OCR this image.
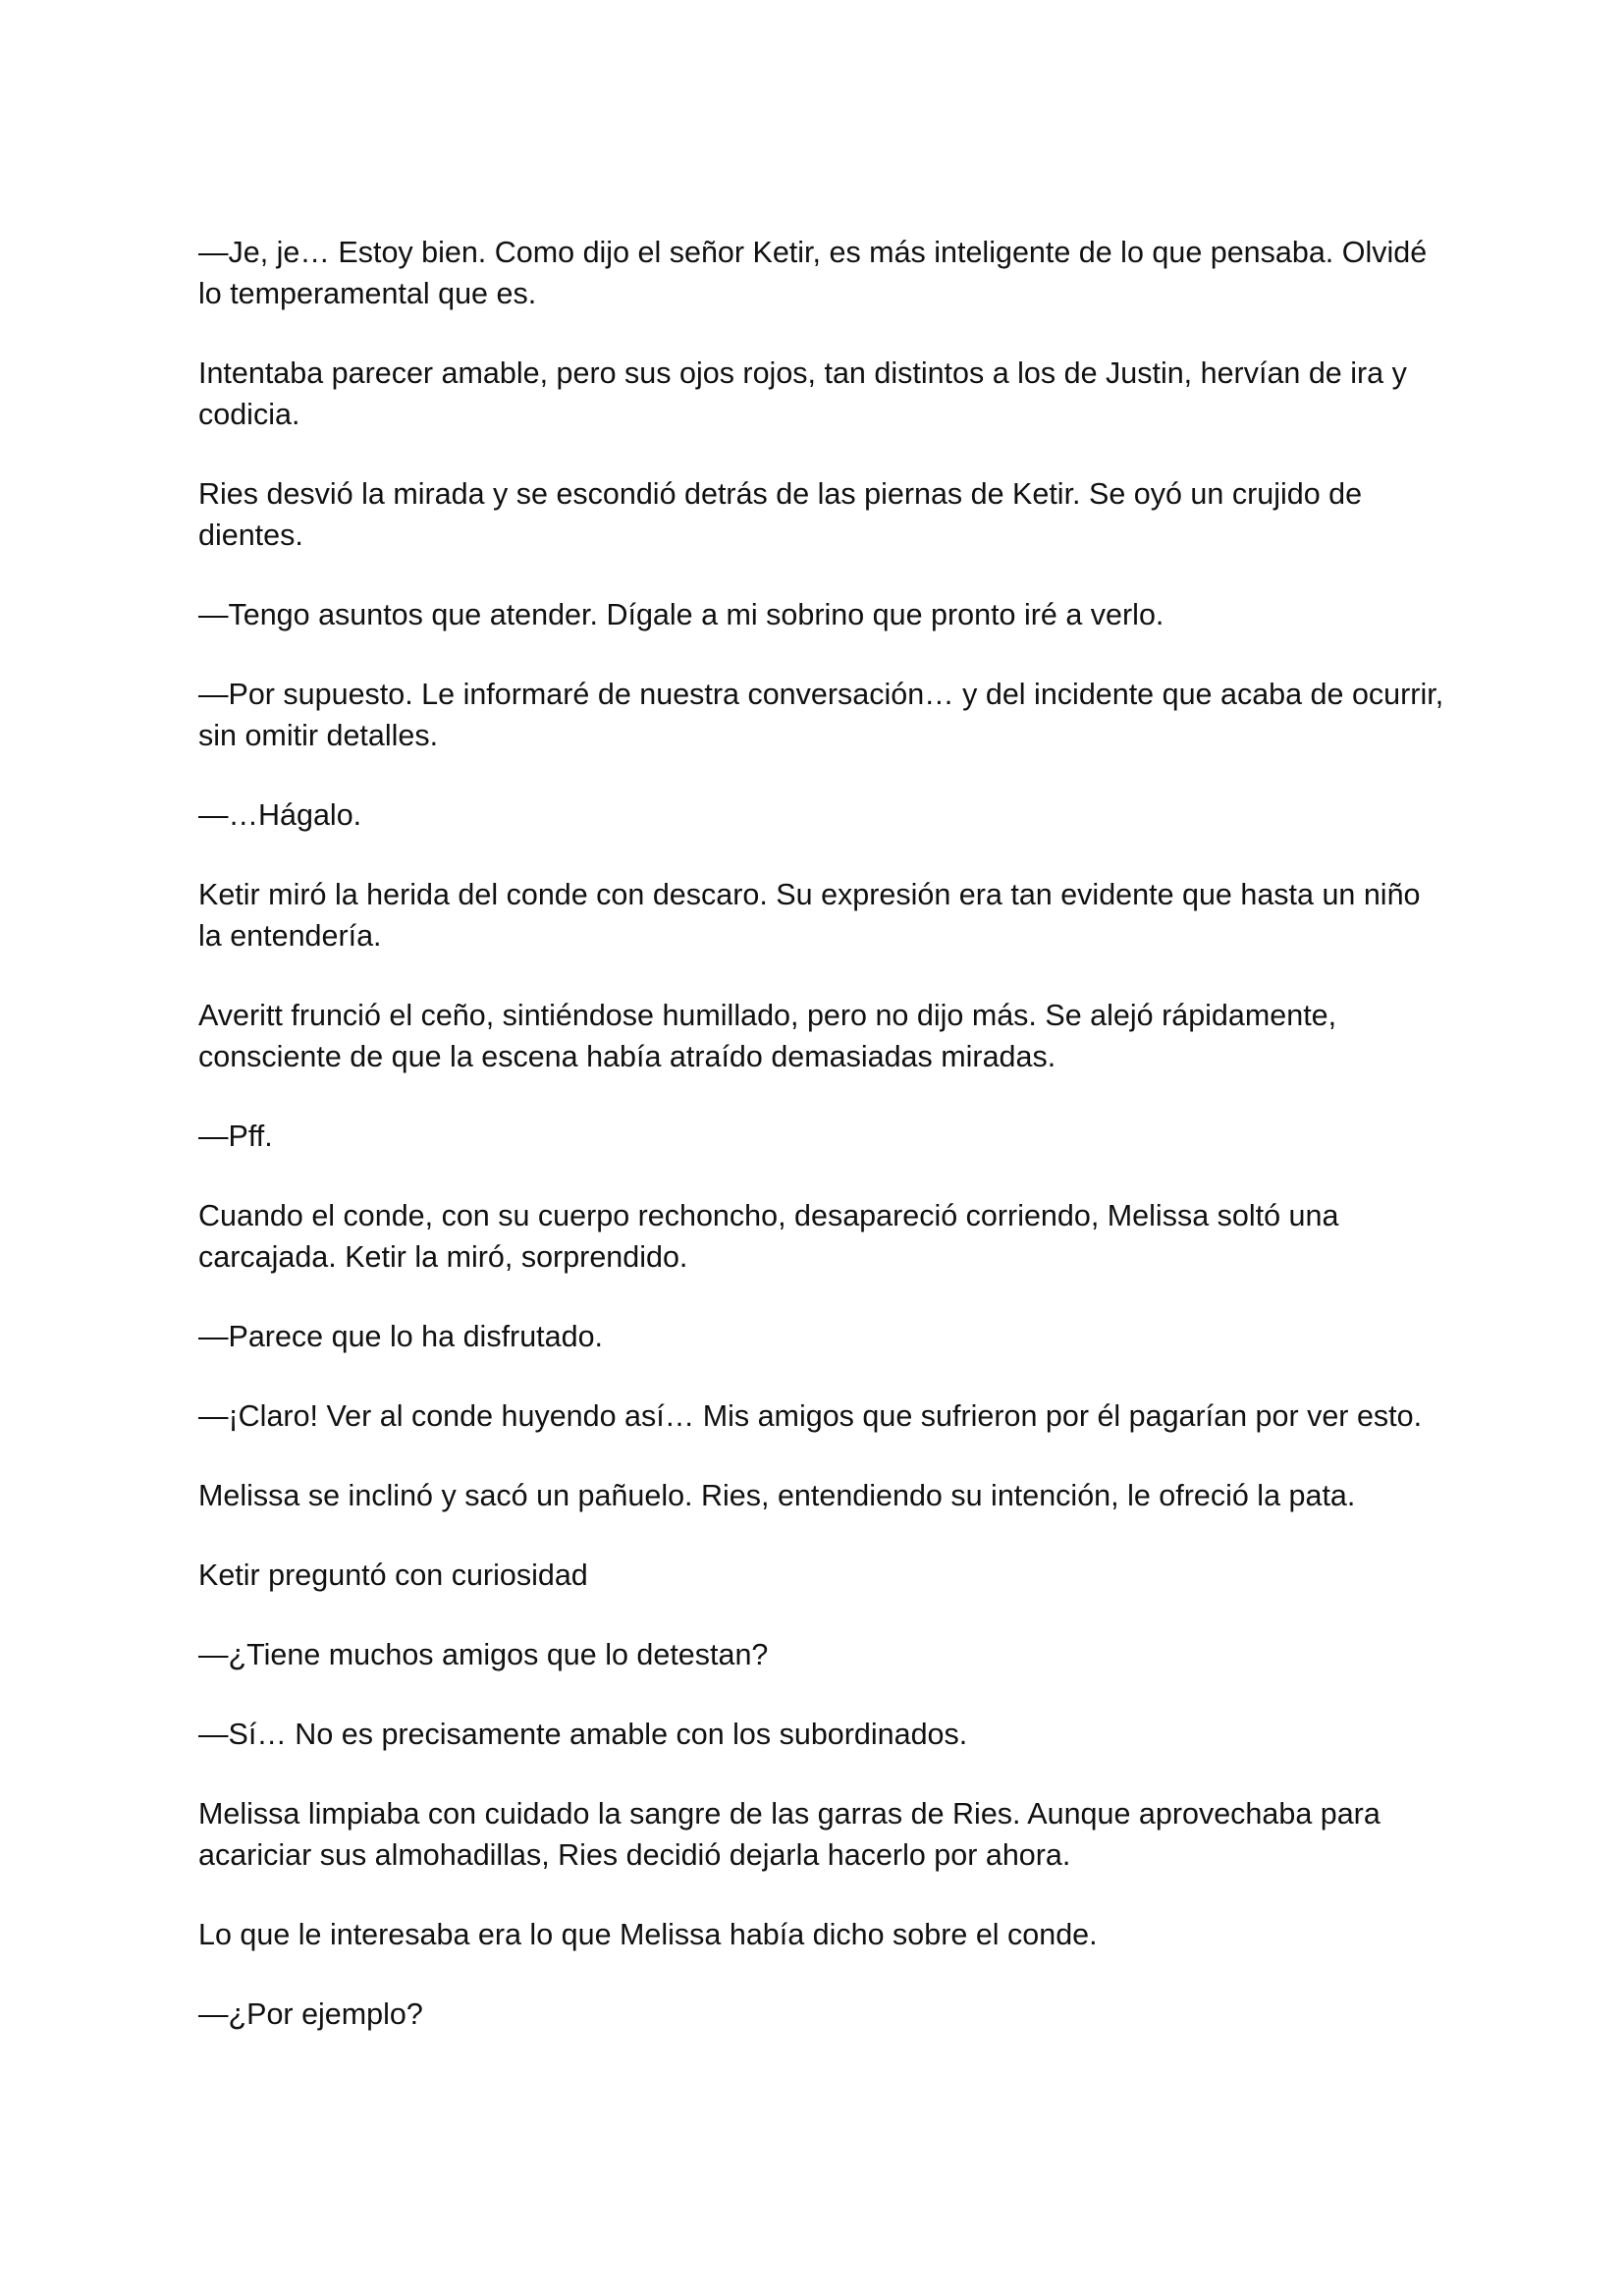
—Je, je… Estoy bien. Como dijo el señor Ketir, es más inteligente de lo que pensaba. Olvidé lo temperamental que es.

Intentaba parecer amable, pero sus ojos rojos, tan distintos a los de Justin, hervían de ira y codicia.

Ries desvió la mirada y se escondió detrás de las piernas de Ketir. Se oyó un crujido de dientes.

—Tengo asuntos que atender. Dígale a mi sobrino que pronto iré a verlo.

—Por supuesto. Le informaré de nuestra conversación… y del incidente que acaba de ocurrir, sin omitir detalles.

—…Hágalo.

Ketir miró la herida del conde con descaro. Su expresión era tan evidente que hasta un niño la entendería.

Averitt frunció el ceño, sintiéndose humillado, pero no dijo más. Se alejó rápidamente, consciente de que la escena había atraído demasiadas miradas.

—Pff.

Cuando el conde, con su cuerpo rechoncho, desapareció corriendo, Melissa soltó una carcajada. Ketir la miró, sorprendido.

—Parece que lo ha disfrutado.

—¡Claro! Ver al conde huyendo así… Mis amigos que sufrieron por él pagarían por ver esto.

Melissa se inclinó y sacó un pañuelo. Ries, entendiendo su intención, le ofreció la pata.

Ketir preguntó con curiosidad

—¿Tiene muchos amigos que lo detestan?

—Sí… No es precisamente amable con los subordinados.

Melissa limpiaba con cuidado la sangre de las garras de Ries. Aunque aprovechaba para acariciar sus almohadillas, Ries decidió dejarla hacerlo por ahora.

Lo que le interesaba era lo que Melissa había dicho sobre el conde.

—¿Por ejemplo?
